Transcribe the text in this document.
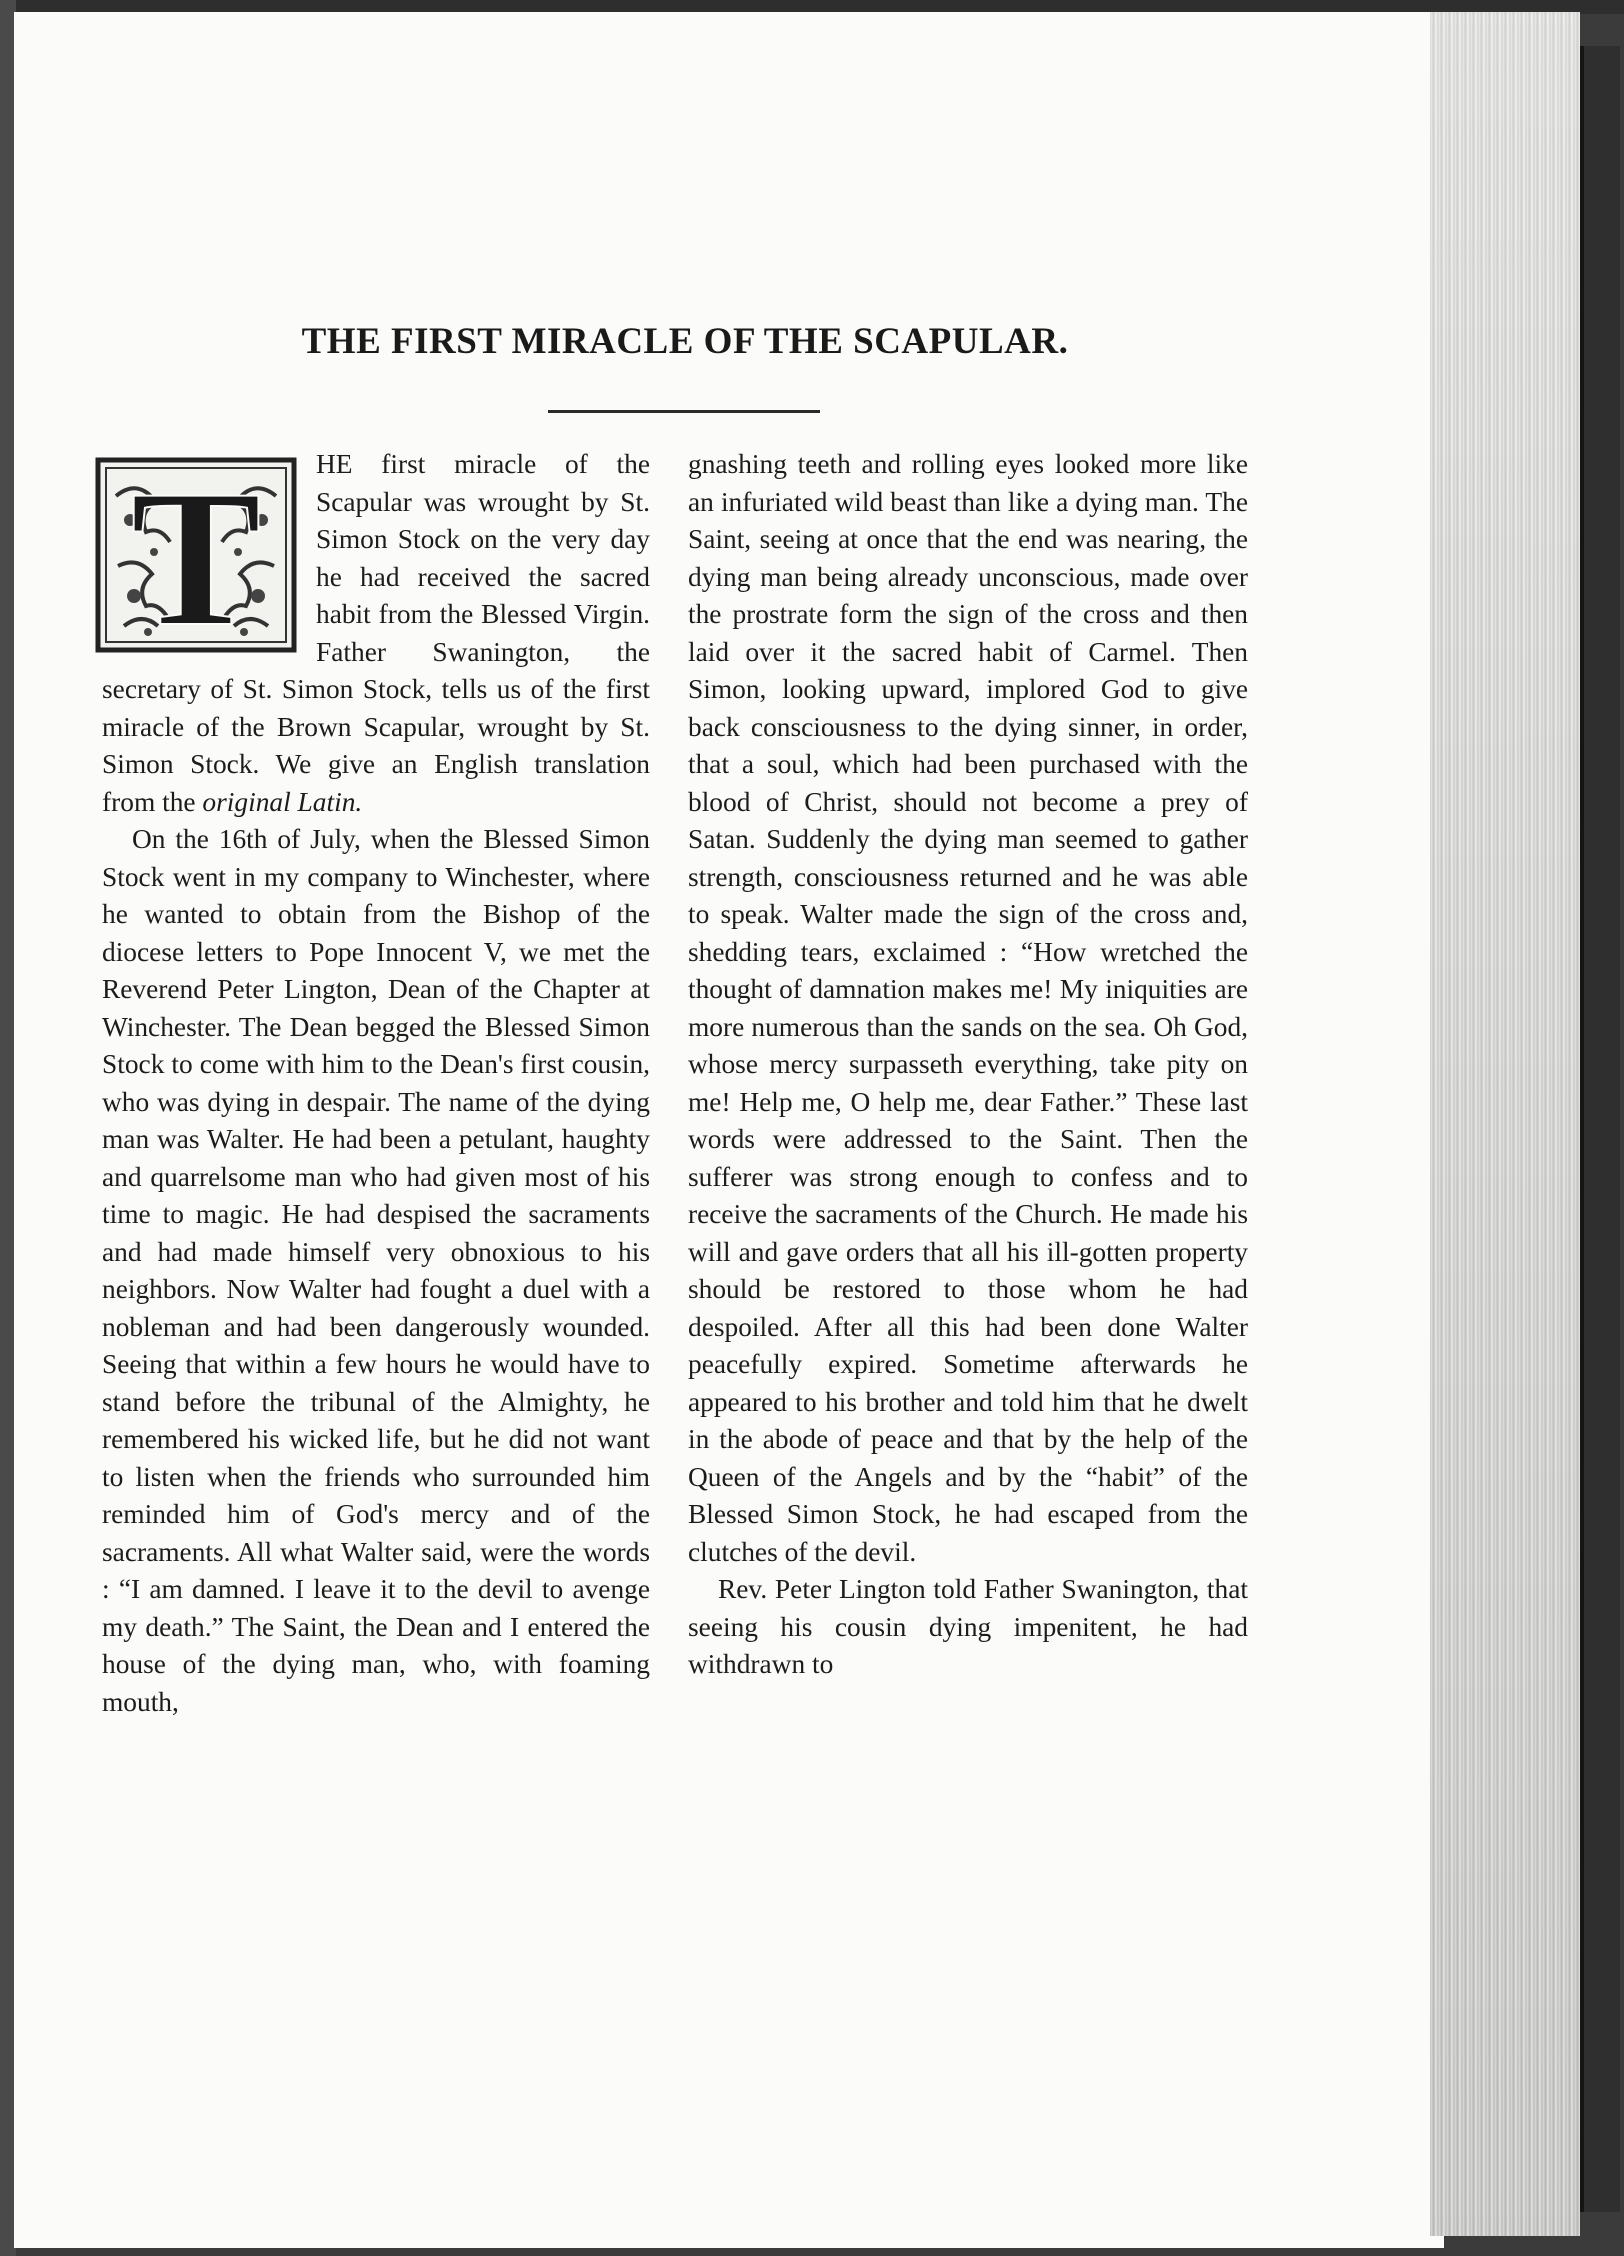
THE FIRST MIRACLE OF THE SCAPULAR.

T HE first miracle of the Scapular was wrought by St. Simon Stock on the very day he had received the sacred habit from the Blessed Virgin. Father Swanington, the secretary of St. Simon Stock, tells us of the first miracle of the Brown Scapular, wrought by St. Simon Stock. We give an English translation from the original Latin.

On the 16th of July, when the Blessed Simon Stock went in my company to Winchester, where he wanted to obtain from the Bishop of the diocese letters to Pope Innocent V, we met the Reverend Peter Lington, Dean of the Chapter at Winchester. The Dean begged the Blessed Simon Stock to come with him to the Dean's first cousin, who was dying in despair. The name of the dying man was Walter. He had been a petulant, haughty and quarrelsome man who had given most of his time to magic. He had despised the sacraments and had made himself very obnoxious to his neighbors. Now Walter had fought a duel with a nobleman and had been dangerously wounded. Seeing that within a few hours he would have to stand before the tribunal of the Almighty, he remembered his wicked life, but he did not want to listen when the friends who surrounded him reminded him of God's mercy and of the sacraments. All what Walter said, were the words : “I am damned. I leave it to the devil to avenge my death.” The Saint, the Dean and I entered the house of the dying man, who, with foaming mouth,

gnashing teeth and rolling eyes looked more like an infuriated wild beast than like a dying man. The Saint, seeing at once that the end was nearing, the dying man being already unconscious, made over the prostrate form the sign of the cross and then laid over it the sacred habit of Carmel. Then Simon, looking upward, implored God to give back consciousness to the dying sinner, in order, that a soul, which had been purchased with the blood of Christ, should not become a prey of Satan. Suddenly the dying man seemed to gather strength, consciousness returned and he was able to speak. Walter made the sign of the cross and, shedding tears, exclaimed : “How wretched the thought of damnation makes me! My iniquities are more numerous than the sands on the sea. Oh God, whose mercy surpasseth everything, take pity on me! Help me, O help me, dear Father.” These last words were addressed to the Saint. Then the sufferer was strong enough to confess and to receive the sacraments of the Church. He made his will and gave orders that all his ill-gotten property should be restored to those whom he had despoiled. After all this had been done Walter peacefully expired. Sometime afterwards he appeared to his brother and told him that he dwelt in the abode of peace and that by the help of the Queen of the Angels and by the “habit” of the Blessed Simon Stock, he had escaped from the clutches of the devil.

Rev. Peter Lington told Father Swanington, that seeing his cousin dying impenitent, he had withdrawn to
